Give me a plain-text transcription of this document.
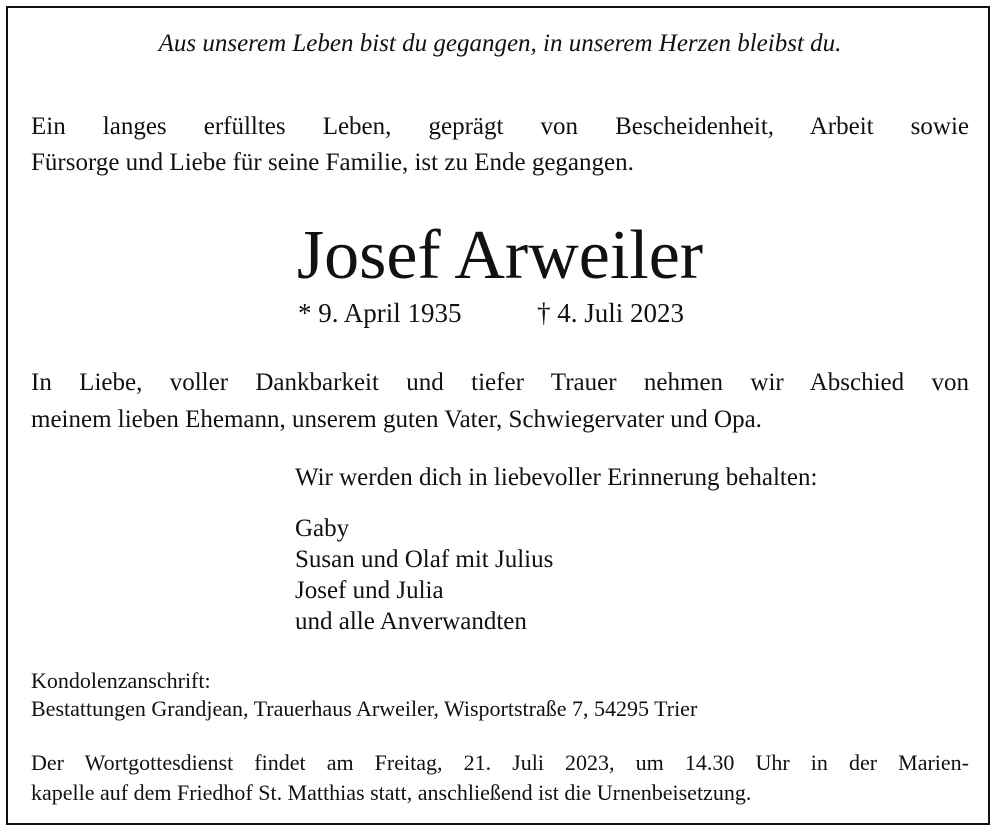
Aus unserem Leben bist du gegangen, in unserem Herzen bleibst du.
Ein langes erfülltes Leben, geprägt von Bescheidenheit, Arbeit sowie
Fürsorge und Liebe für seine Familie, ist zu Ende gegangen.
Josef Arweiler
* 9. April 1935	† 4. Juli 2023
In Liebe, voller Dankbarkeit und tiefer Trauer nehmen wir Abschied von
meinem lieben Ehemann, unserem guten Vater, Schwiegervater und Opa.
Wir werden dich in liebevoller Erinnerung behalten:
Gaby
Susan und Olaf mit Julius
Josef und Julia
und alle Anverwandten
Kondolenzanschrift:
Bestattungen Grandjean, Trauerhaus Arweiler, Wisportstraße 7, 54295 Trier
Der Wortgottesdienst findet am Freitag, 21. Juli 2023, um 14.30 Uhr in der Marien-
kapelle auf dem Friedhof St. Matthias statt, anschließend ist die Urnenbeisetzung.
